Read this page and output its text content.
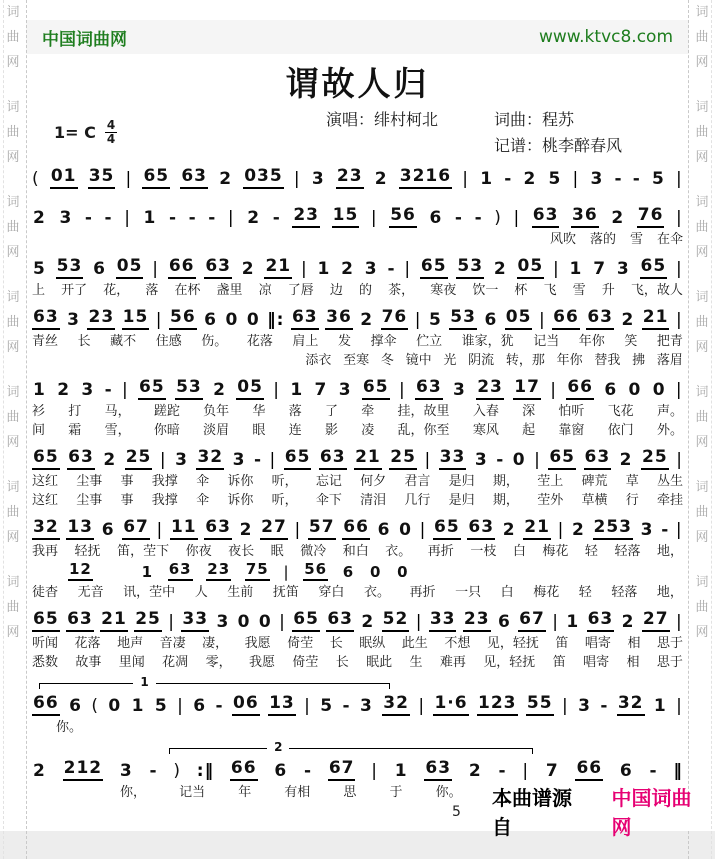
词
曲
网
词
曲
网
词
曲
网
词
曲
网
词
曲
网
词
曲
网
词
曲
网
词
曲
网
词
曲
网
词
曲
网
词
曲
网
词
曲
网
词
曲
网
词
曲
网
中国词曲网	www.ktvc8.com
谓故人归
1= C 4
4
演唱：绯村柯北	词曲：程苏
记谱：桃李醉春风
( 01 35 | 65 63 2 035 | 3 23 2 3216 | 1 - 2 5 | 3 - - 5 |
2 3 - - | 1 - - - | 2 - 23 15 | 56 6 - - ) | 63 36 2 76 |
风吹 落的 雪 在伞
5 53 6 05 | 66 63 2 21 | 1 2 3 - | 65 53 2 05 | 1 7 3 65 |
上 开了 花， 落 在杯 盏里 凉 了唇 边 的 茶， 寒夜 饮一 杯 飞 雪 升 飞，故人
63 3 23 15 | 56 6 0 0 ‖: 63 36 2 76 | 5 53 6 05 | 66 63 2 21 |
青丝 长 藏不 住感 伤。 花落 肩上 发 撑伞 伫立 谁家，犹 记当 年你 笑 把青
添衣 至寒 冬 镜中 光 阴流 转，那 年你 替我 拂 落眉
1 2 3 - | 65 53 2 05 | 1 7 3 65 | 63 3 23 17 | 66 6 0 0 |
衫 打 马， 蹉跎 负年 华 落 了 牵 挂，故里 入春 深 怕听 飞花 声。
间 霜 雪， 你暗 淡眉 眼 连 影 凌 乱，你至 寒风 起 靠窗 依门 外。
65 63 2 25 | 3 32 3 - | 65 63 21 25 | 33 3 - 0 | 65 63 2 25 |
这红 尘事 事 我撑 伞 诉你 听， 忘记 何夕 君言 是归 期， 茔上 碑荒 草 丛生
这红 尘事 事 我撑 伞 诉你 听， 伞下 清泪 几行 是归 期， 茔外 草横 行 牵挂
32 13 6 67 | 11 63 2 27 | 57 66 6 0 | 65 63 2 21 | 2 253 3 - |
我再 轻抚 笛，茔下 你夜 夜长 眠 微冷 和白 衣。 再折 一枝 白 梅花 轻 轻落 地，
12	1 63 23 75 | 56 6 0 0
徒杳 无音 讯，茔中 人 生前 抚笛 穿白 衣。 再折 一只 白 梅花 轻 轻落 地，
65 63 21 25 | 33 3 0 0 | 65 63 2 52 | 33 23 6 67 | 1 63 2 27 |
听闻 花落 地声 音凄 凄， 我愿 倚茔 长 眠纵 此生 不想 见，轻抚 笛 唱寄 相 思于
悉数 故事 里闻 花凋 零， 我愿 倚茔 长 眠此 生 难再 见，轻抚 笛 唱寄 相 思于
1
66 6 ( 0 1 5 | 6 - 06 13 | 5 - 3 32 | 1·6 123 55 | 3 - 32 1 |
你。
2
2 212 3 - ) :‖ 66 6 - 67 | 1 63 2 - | 7 66 6 - ‖
你，	记当	年	有相	思	于	你。
5
本曲谱源自
中国词曲网
